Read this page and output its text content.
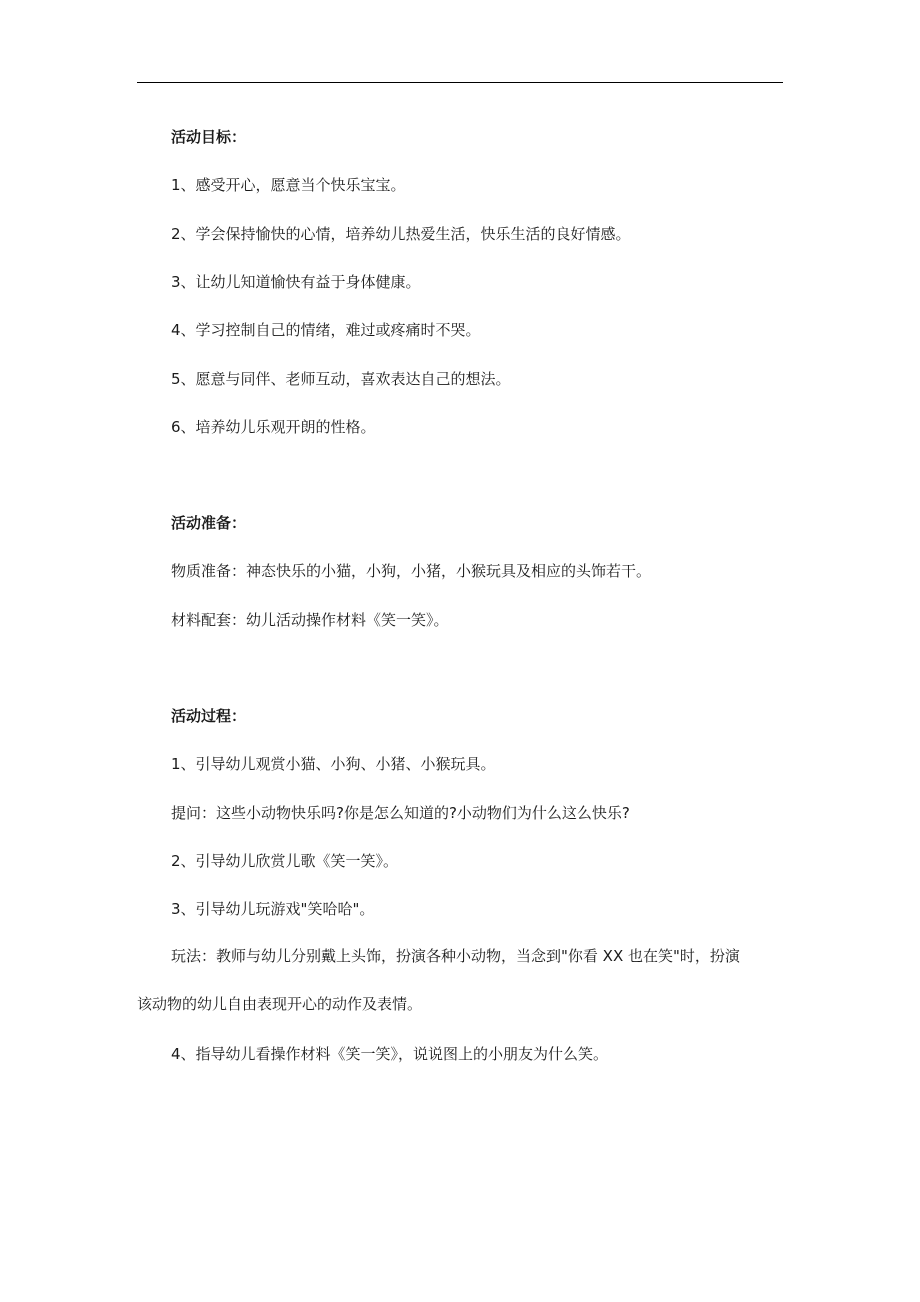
活动目标：
1、感受开心，愿意当个快乐宝宝。
2、学会保持愉快的心情，培养幼儿热爱生活，快乐生活的良好情感。
3、让幼儿知道愉快有益于身体健康。
4、学习控制自己的情绪，难过或疼痛时不哭。
5、愿意与同伴、老师互动，喜欢表达自己的想法。
6、培养幼儿乐观开朗的性格。
活动准备：
物质准备：神态快乐的小猫，小狗，小猪，小猴玩具及相应的头饰若干。
材料配套：幼儿活动操作材料《笑一笑》。
活动过程：
1、引导幼儿观赏小猫、小狗、小猪、小猴玩具。
提问：这些小动物快乐吗?你是怎么知道的?小动物们为什么这么快乐?
2、引导幼儿欣赏儿歌《笑一笑》。
3、引导幼儿玩游戏"笑哈哈"。
玩法：教师与幼儿分别戴上头饰，扮演各种小动物，当念到"你看 XX 也在笑"时，扮演
该动物的幼儿自由表现开心的动作及表情。
4、指导幼儿看操作材料《笑一笑》，说说图上的小朋友为什么笑。
